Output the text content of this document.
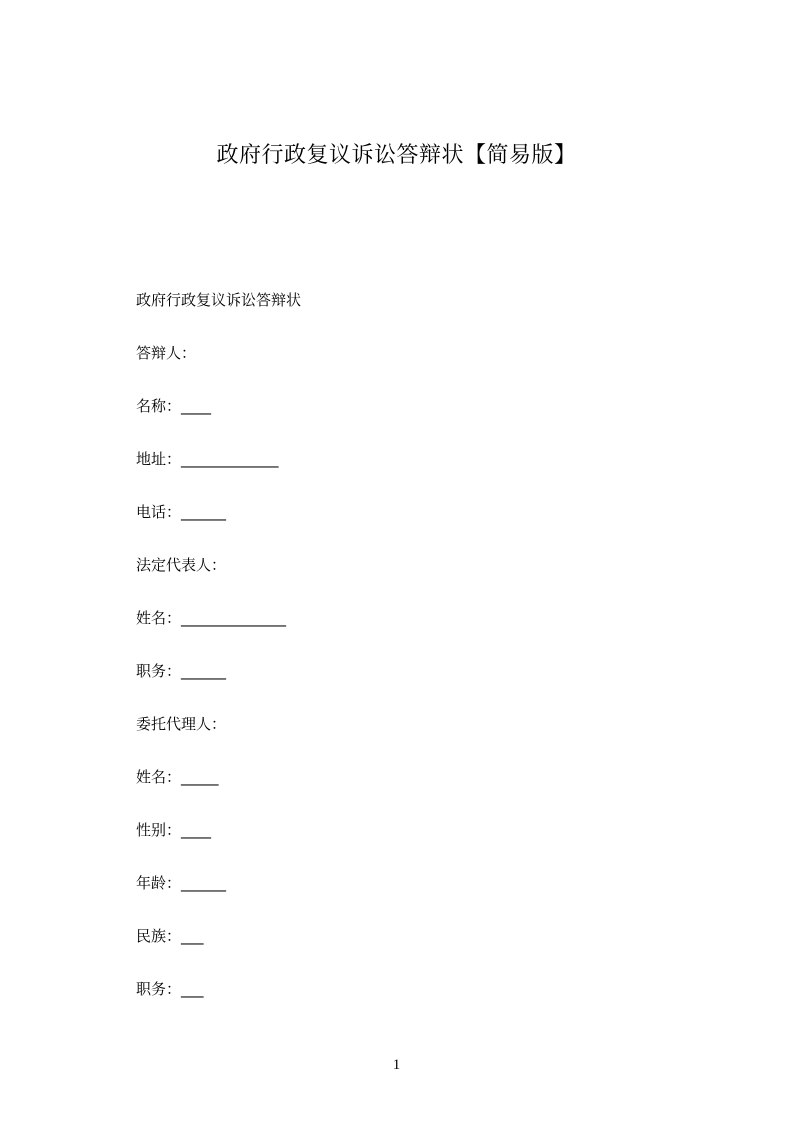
政府行政复议诉讼答辩状【简易版】
政府行政复议诉讼答辩状
答辩人：
名称：____
地址：_____________
电话：______
法定代表人：
姓名：______________
职务：______
委托代理人：
姓名：_____
性别：____
年龄：______
民族：___
职务：___
1
